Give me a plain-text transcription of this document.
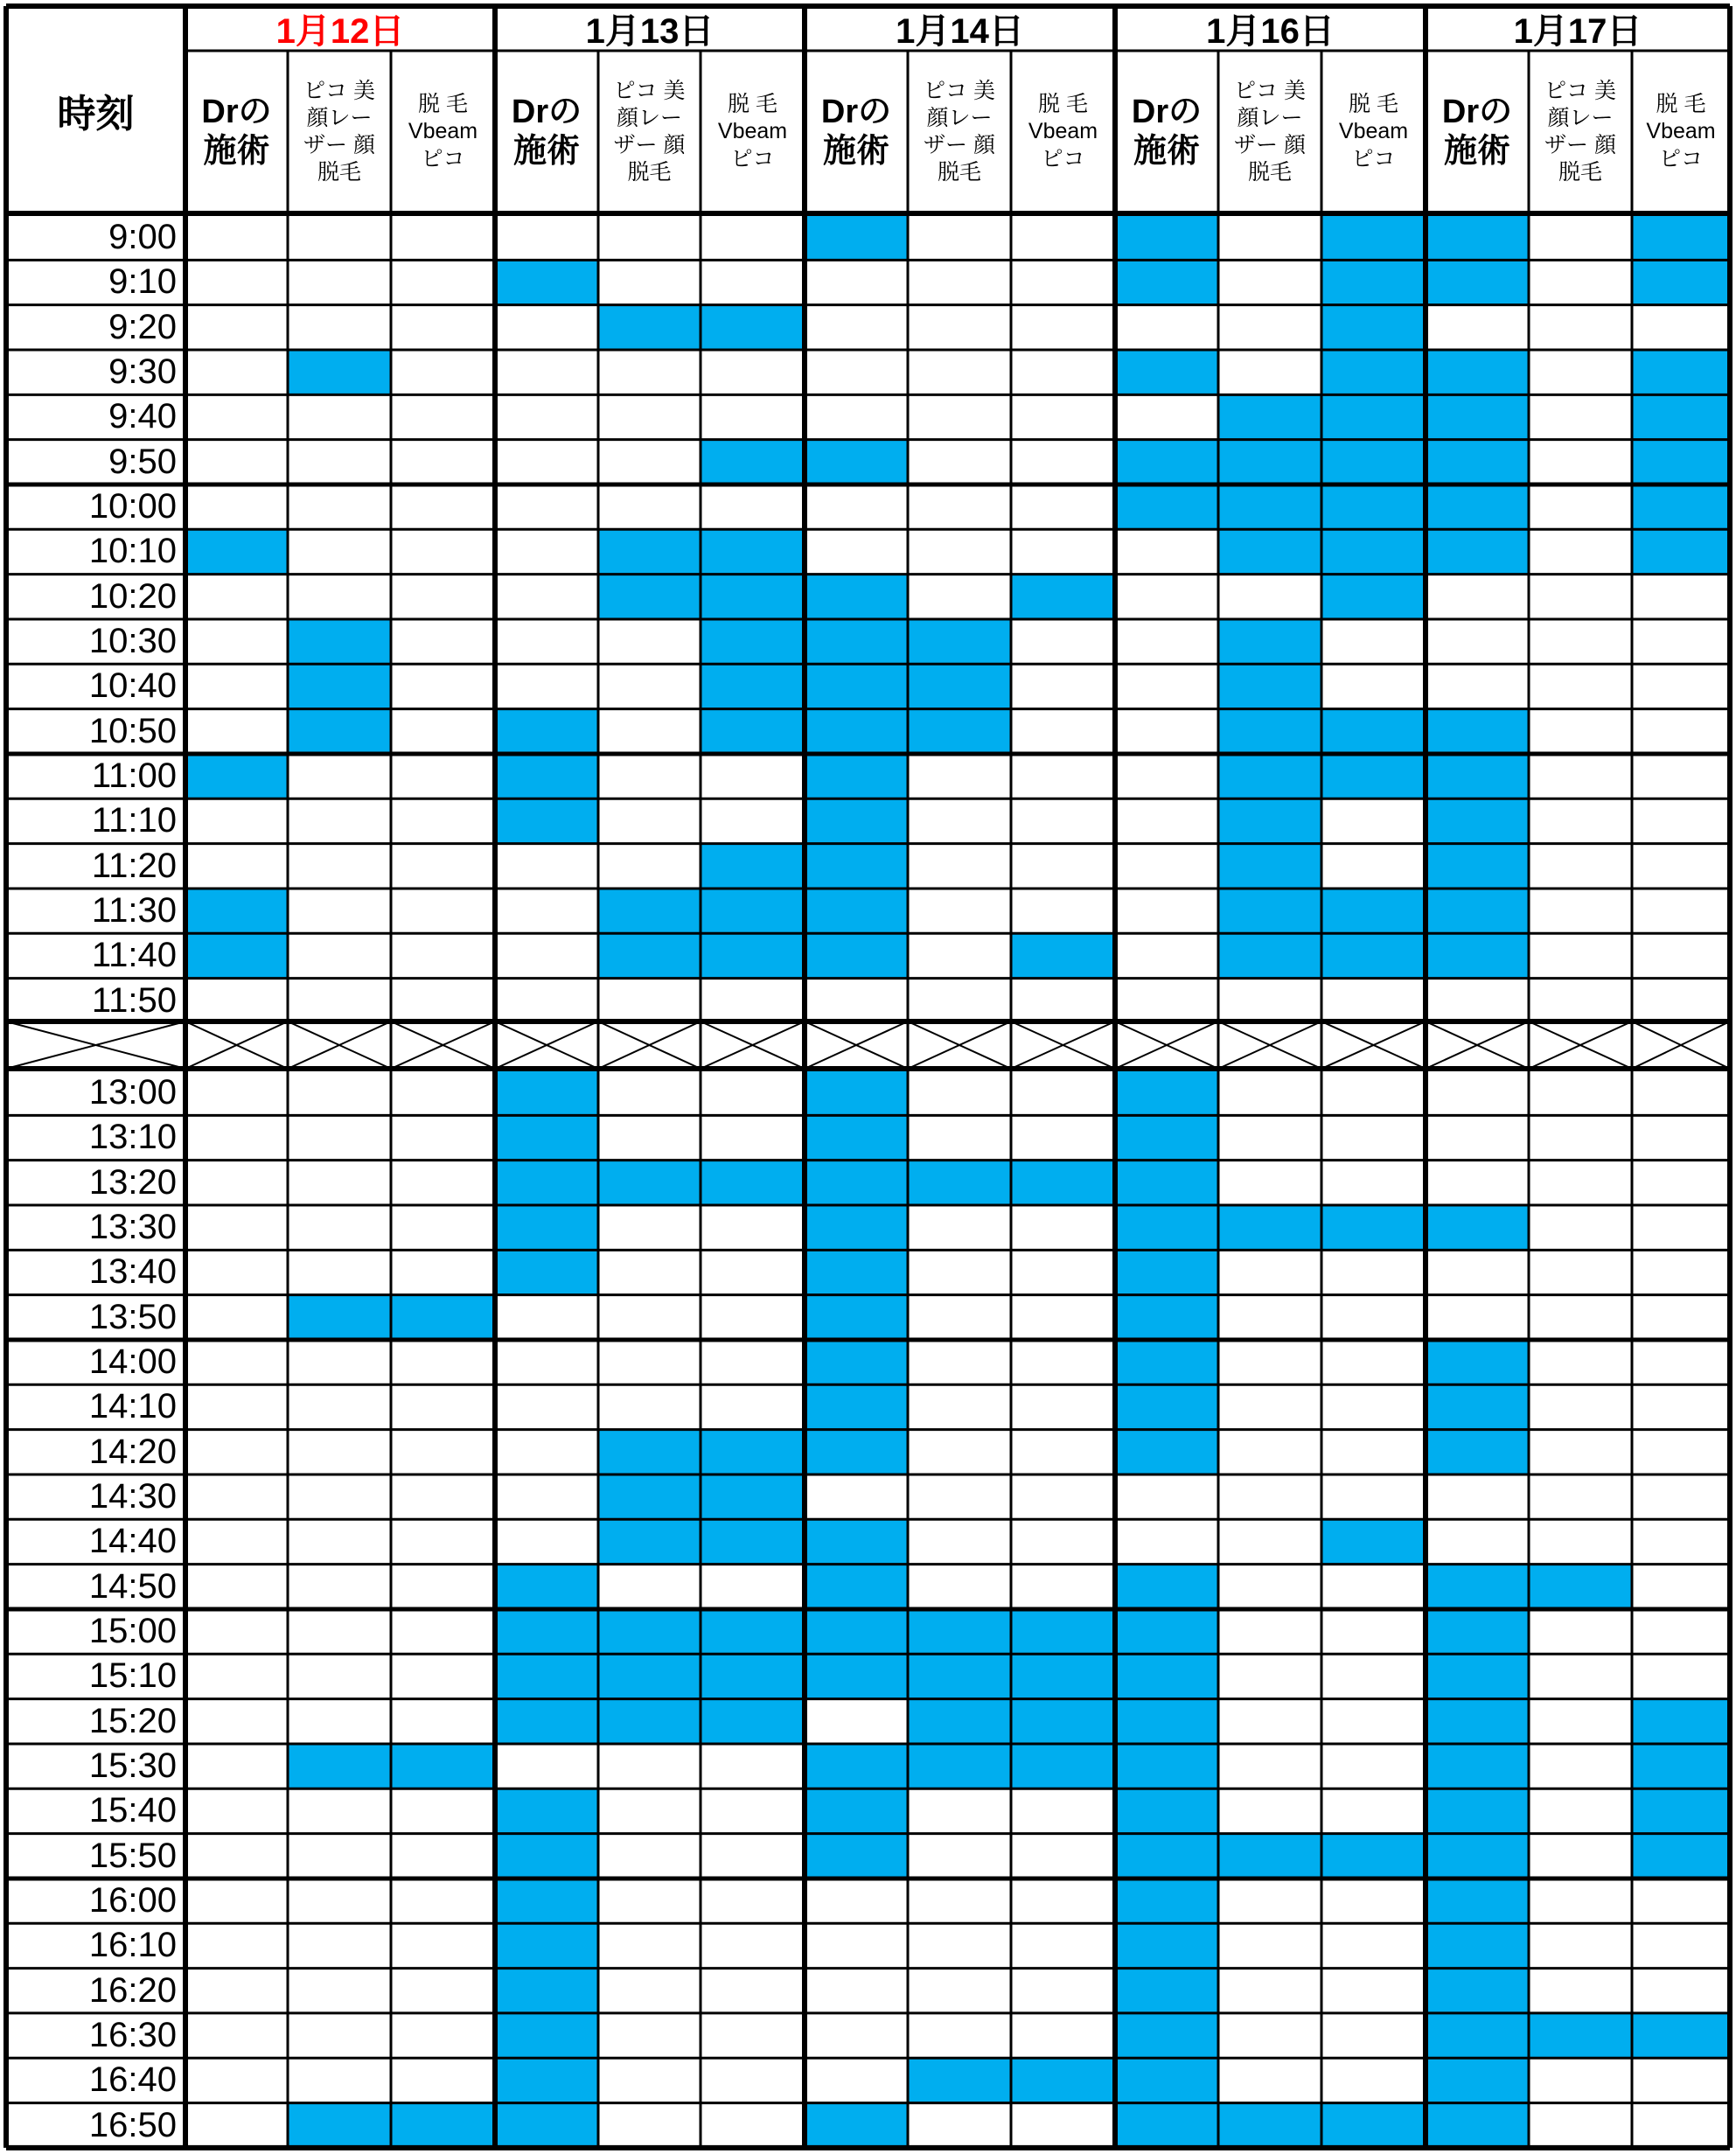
時刻
1月12日
Drの
施術
ピコ 美
顔レー
ザー 顔
脱毛
脱 毛
Vbeam
ピコ
1月13日
Drの
施術
ピコ 美
顔レー
ザー 顔
脱毛
脱 毛
Vbeam
ピコ
1月14日
Drの
施術
ピコ 美
顔レー
ザー 顔
脱毛
脱 毛
Vbeam
ピコ
1月16日
Drの
施術
ピコ 美
顔レー
ザー 顔
脱毛
脱 毛
Vbeam
ピコ
1月17日
Drの
施術
ピコ 美
顔レー
ザー 顔
脱毛
脱 毛
Vbeam
ピコ
9:00
9:10
9:20
9:30
9:40
9:50
10:00
10:10
10:20
10:30
10:40
10:50
11:00
11:10
11:20
11:30
11:40
11:50
13:00
13:10
13:20
13:30
13:40
13:50
14:00
14:10
14:20
14:30
14:40
14:50
15:00
15:10
15:20
15:30
15:40
15:50
16:00
16:10
16:20
16:30
16:40
16:50
